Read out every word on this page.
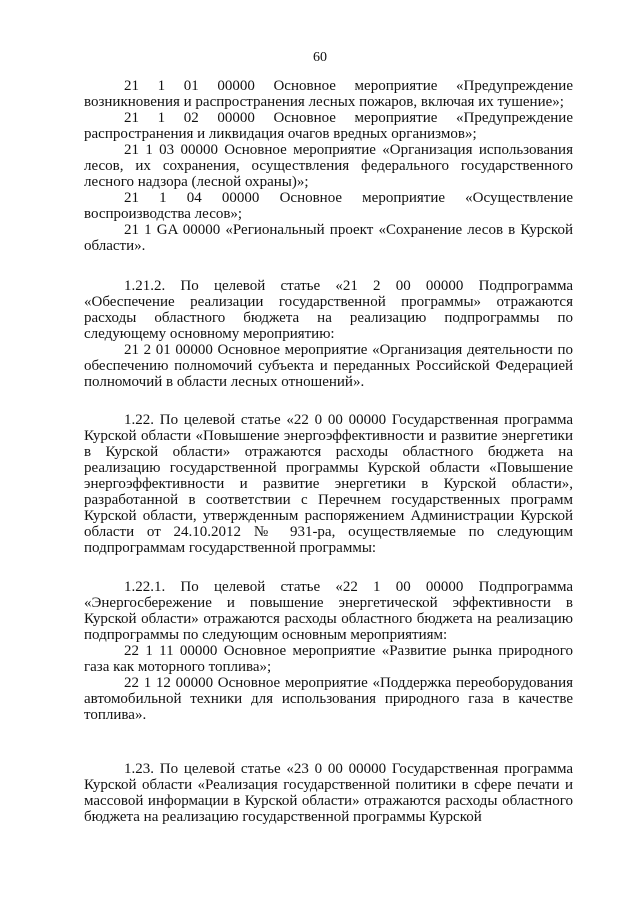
60

21 1 01 00000 Основное мероприятие «Предупреждение возникновения и распространения лесных пожаров, включая их тушение»;

21 1 02 00000 Основное мероприятие «Предупреждение распространения и ликвидация очагов вредных организмов»;

21 1 03 00000 Основное мероприятие «Организация использования лесов, их сохранения, осуществления федерального государственного лесного надзора (лесной охраны)»;

21 1 04 00000 Основное мероприятие «Осуществление воспроизводства лесов»;

21 1 GA 00000 «Региональный проект «Сохранение лесов в Курской области».

1.21.2. По целевой статье «21 2 00 00000 Подпрограмма «Обеспечение реализации государственной программы» отражаются расходы областного бюджета на реализацию подпрограммы по следующему основному мероприятию:

21 2 01 00000 Основное мероприятие «Организация деятельности по обеспечению полномочий субъекта и переданных Российской Федерацией полномочий в области лесных отношений».

1.22. По целевой статье «22 0 00 00000 Государственная программа Курской области «Повышение энергоэффективности и развитие энергетики в Курской области» отражаются расходы областного бюджета на реализацию государственной программы Курской области «Повышение энергоэффективности и развитие энергетики в Курской области», разработанной в соответствии с Перечнем государственных программ Курской области, утвержденным распоряжением Администрации Курской области от 24.10.2012 № 931-ра, осуществляемые по следующим подпрограммам государственной программы:

1.22.1. По целевой статье «22 1 00 00000 Подпрограмма «Энергосбережение и повышение энергетической эффективности в Курской области» отражаются расходы областного бюджета на реализацию подпрограммы по следующим основным мероприятиям:

22 1 11 00000 Основное мероприятие «Развитие рынка природного газа как моторного топлива»;

22 1 12 00000 Основное мероприятие «Поддержка переоборудования автомобильной техники для использования природного газа в качестве топлива».

1.23. По целевой статье «23 0 00 00000 Государственная программа Курской области «Реализация государственной политики в сфере печати и массовой информации в Курской области» отражаются расходы областного бюджета на реализацию государственной программы Курской
